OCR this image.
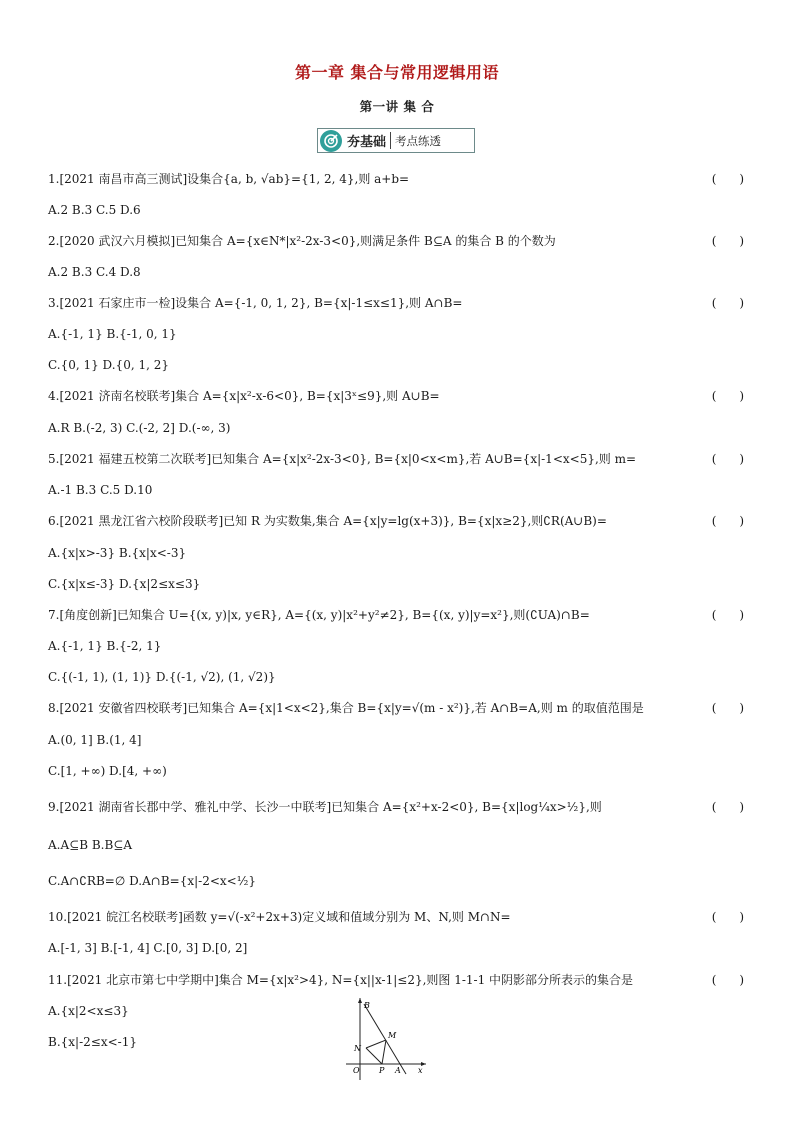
第一章 集合与常用逻辑用语
第一讲 集 合
夯基础 考点练透
1.[2021 南昌市高三测试]设集合{a, b, √ab}={1, 2, 4},则 a+b=	(      )
A.2 B.3 C.5 D.6
2.[2020 武汉六月模拟]已知集合 A={x∈N*|x²-2x-3<0},则满足条件 B⊆A 的集合 B 的个数为	(      )
A.2 B.3 C.4 D.8
3.[2021 石家庄市一检]设集合 A={-1, 0, 1, 2}, B={x|-1≤x≤1},则 A∩B=	(      )
A.{-1, 1} B.{-1, 0, 1}
C.{0, 1} D.{0, 1, 2}
4.[2021 济南名校联考]集合 A={x|x²-x-6<0}, B={x|3ˣ≤9},则 A∪B=	(      )
A.R B.(-2, 3) C.(-2, 2] D.(-∞, 3)
5.[2021 福建五校第二次联考]已知集合 A={x|x²-2x-3<0}, B={x|0<x<m},若 A∪B={x|-1<x<5},则 m=	(      )
A.-1 B.3 C.5 D.10
6.[2021 黑龙江省六校阶段联考]已知 R 为实数集,集合 A={x|y=lg(x+3)}, B={x|x≥2},则∁R(A∪B)=	(      )
A.{x|x>-3} B.{x|x<-3}
C.{x|x≤-3} D.{x|2≤x≤3}
7.[角度创新]已知集合 U={(x, y)|x, y∈R}, A={(x, y)|x²+y²≠2}, B={(x, y)|y=x²},则(∁UA)∩B=	(      )
A.{-1, 1} B.{-2, 1}
C.{(-1, 1), (1, 1)} D.{(-1, √2), (1, √2)}
8.[2021 安徽省四校联考]已知集合 A={x|1<x<2},集合 B={x|y=√(m - x²)},若 A∩B=A,则 m 的取值范围是	(      )
A.(0, 1] B.(1, 4]
C.[1, +∞) D.[4, +∞)
9.[2021 湖南省长郡中学、雅礼中学、长沙一中联考]已知集合 A={x²+x-2<0}, B={x|log¼x>½},则	(      )
A.A⊆B B.B⊆A
C.A∩∁RB=∅ D.A∩B={x|-2<x<½}
10.[2021 皖江名校联考]函数 y=√(-x²+2x+3)定义域和值域分别为 M、N,则 M∩N=	(      )
A.[-1, 3] B.[-1, 4] C.[0, 3] D.[0, 2]
11.[2021 北京市第七中学期中]集合 M={x|x²>4}, N={x||x-1|≤2},则图 1-1-1 中阴影部分所表示的集合是	(      )
A.{x|2<x≤3}
B.{x|-2≤x<-1}
B
M
N
O P A x
